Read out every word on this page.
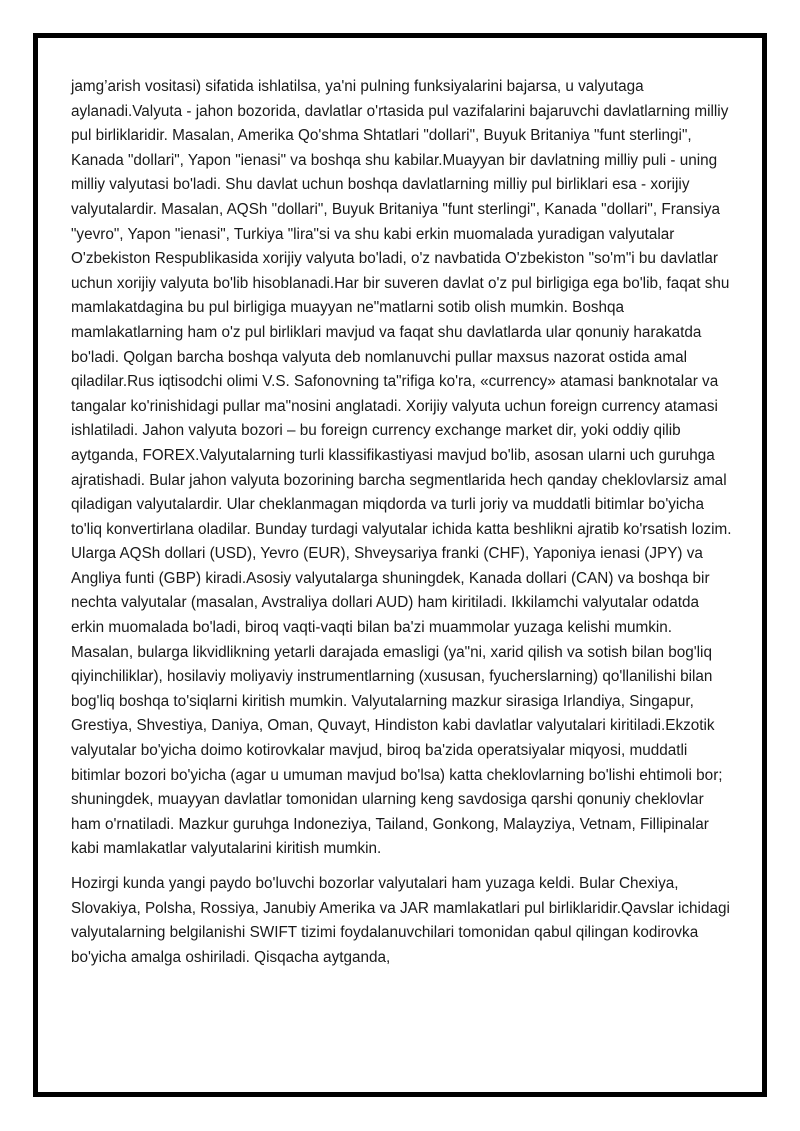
jamg’arish vositasi) sifatida ishlatilsa, ya'ni pulning funksiyalarini bajarsa, u valyutaga aylanadi.Valyuta - jahon bozorida, davlatlar o'rtasida pul vazifalarini bajaruvchi davlatlarning milliy pul birliklaridir. Masalan, Amerika Qo'shma Shtatlari "dollari", Buyuk Britaniya "funt sterlingi", Kanada "dollari", Yapon "ienasi" va boshqa shu kabilar.Muayyan bir davlatning milliy puli - uning milliy valyutasi bo'ladi. Shu davlat uchun boshqa davlatlarning milliy pul birliklari esa - xorijiy valyutalardir. Masalan, AQSh "dollari", Buyuk Britaniya "funt sterlingi", Kanada "dollari", Fransiya "yevro", Yapon "ienasi", Turkiya "lira"si va shu kabi erkin muomalada yuradigan valyutalar O'zbekiston Respublikasida xorijiy valyuta bo'ladi, o'z navbatida O'zbekiston "so'm"i bu davlatlar uchun xorijiy valyuta bo'lib hisoblanadi.Har bir suveren davlat o'z pul birligiga ega bo'lib, faqat shu mamlakatdagina bu pul birligiga muayyan ne"matlarni sotib olish mumkin. Boshqa mamlakatlarning ham o'z pul birliklari mavjud va faqat shu davlatlarda ular qonuniy harakatda bo'ladi. Qolgan barcha boshqa valyuta deb nomlanuvchi pullar maxsus nazorat ostida amal qiladilar.Rus iqtisodchi olimi V.S. Safonovning ta"rifiga ko'ra, «currency» atamasi banknotalar va tangalar ko'rinishidagi pullar ma"nosini anglatadi. Xorijiy valyuta uchun foreign currency atamasi ishlatiladi. Jahon valyuta bozori – bu foreign currency exchange market dir, yoki oddiy qilib aytganda, FOREX.Valyutalarning turli klassifikastiyasi mavjud bo'lib, asosan ularni uch guruhga ajratishadi. Bular jahon valyuta bozorining barcha segmentlarida hech qanday cheklovlarsiz amal qiladigan valyutalardir. Ular cheklanmagan miqdorda va turli joriy va muddatli bitimlar bo'yicha to'liq konvertirlana oladilar. Bunday turdagi valyutalar ichida katta beshlikni ajratib ko'rsatish lozim. Ularga AQSh dollari (USD), Yevro (EUR), Shveysariya franki (CHF), Yaponiya ienasi (JPY) va Angliya funti (GBP) kiradi.Asosiy valyutalarga shuningdek, Kanada dollari (CAN) va boshqa bir nechta valyutalar (masalan, Avstraliya dollari AUD) ham kiritiladi. Ikkilamchi valyutalar odatda erkin muomalada bo'ladi, biroq vaqti-vaqti bilan ba'zi muammolar yuzaga kelishi mumkin. Masalan, bularga likvidlikning yetarli darajada emasligi (ya"ni, xarid qilish va sotish bilan bog'liq qiyinchiliklar), hosilaviy moliyaviy instrumentlarning (xususan, fyucherslarning) qo'llanilishi bilan bog'liq boshqa to'siqlarni kiritish mumkin. Valyutalarning mazkur sirasiga Irlandiya, Singapur, Grestiya, Shvestiya, Daniya, Oman, Quvayt, Hindiston kabi davlatlar valyutalari kiritiladi.Ekzotik valyutalar bo'yicha doimo kotirovkalar mavjud, biroq ba'zida operatsiyalar miqyosi, muddatli bitimlar bozori bo'yicha (agar u umuman mavjud bo'lsa) katta cheklovlarning bo'lishi ehtimoli bor; shuningdek, muayyan davlatlar tomonidan ularning keng savdosiga qarshi qonuniy cheklovlar ham o'rnatiladi. Mazkur guruhga Indoneziya, Tailand, Gonkong, Malayziya, Vetnam, Fillipinalar kabi mamlakatlar valyutalarini kiritish mumkin.

Hozirgi kunda yangi paydo bo'luvchi bozorlar valyutalari ham yuzaga keldi. Bular Chexiya, Slovakiya, Polsha, Rossiya, Janubiy Amerika va JAR mamlakatlari pul birliklaridir.Qavslar ichidagi valyutalarning belgilanishi SWIFT tizimi foydalanuvchilari tomonidan qabul qilingan kodirovka bo'yicha amalga oshiriladi. Qisqacha aytganda,
